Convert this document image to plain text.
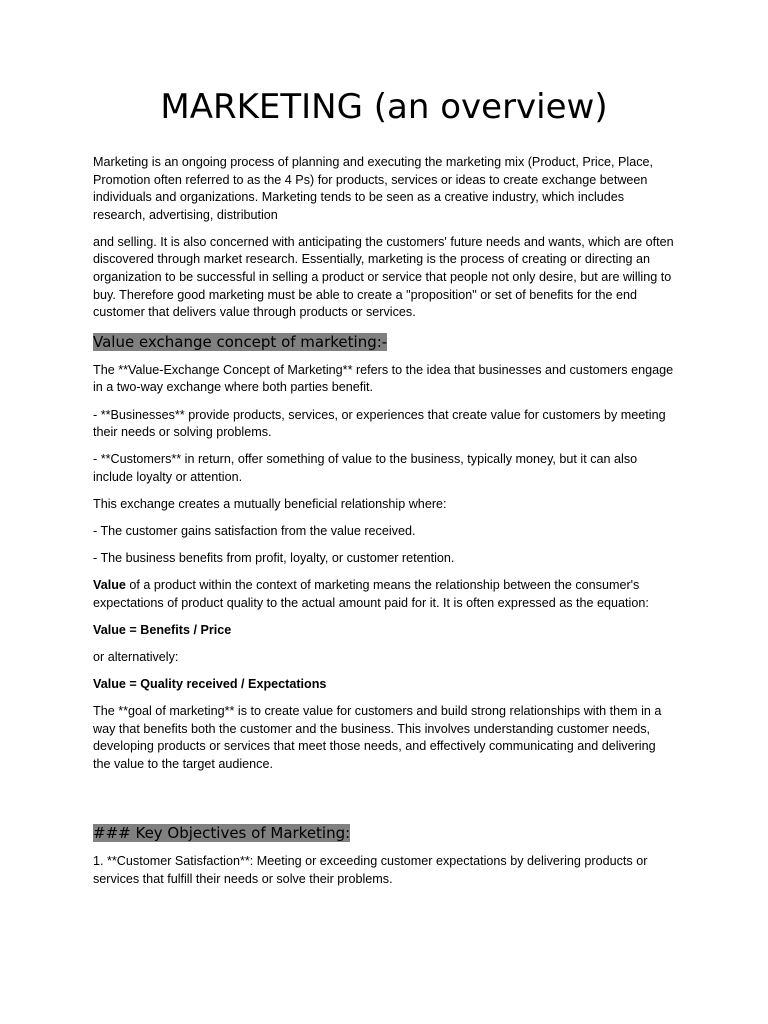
MARKETING (an overview)

Marketing is an ongoing process of planning and executing the marketing mix (Product, Price, Place, Promotion often referred to as the 4 Ps) for products, services or ideas to create exchange between individuals and organizations. Marketing tends to be seen as a creative industry, which includes research, advertising, distribution

and selling. It is also concerned with anticipating the customers' future needs and wants, which are often discovered through market research. Essentially, marketing is the process of creating or directing an organization to be successful in selling a product or service that people not only desire, but are willing to buy. Therefore good marketing must be able to create a "proposition" or set of benefits for the end customer that delivers value through products or services.

Value exchange concept of marketing:-

The **Value-Exchange Concept of Marketing** refers to the idea that businesses and customers engage in a two-way exchange where both parties benefit.

- **Businesses** provide products, services, or experiences that create value for customers by meeting their needs or solving problems.

- **Customers** in return, offer something of value to the business, typically money, but it can also include loyalty or attention.

This exchange creates a mutually beneficial relationship where:

- The customer gains satisfaction from the value received.

- The business benefits from profit, loyalty, or customer retention.

Value of a product within the context of marketing means the relationship between the consumer's expectations of product quality to the actual amount paid for it. It is often expressed as the equation:

Value = Benefits / Price

or alternatively:

Value = Quality received / Expectations

The **goal of marketing** is to create value for customers and build strong relationships with them in a way that benefits both the customer and the business. This involves understanding customer needs, developing products or services that meet those needs, and effectively communicating and delivering the value to the target audience.

### Key Objectives of Marketing:

1. **Customer Satisfaction**: Meeting or exceeding customer expectations by delivering products or services that fulfill their needs or solve their problems.
